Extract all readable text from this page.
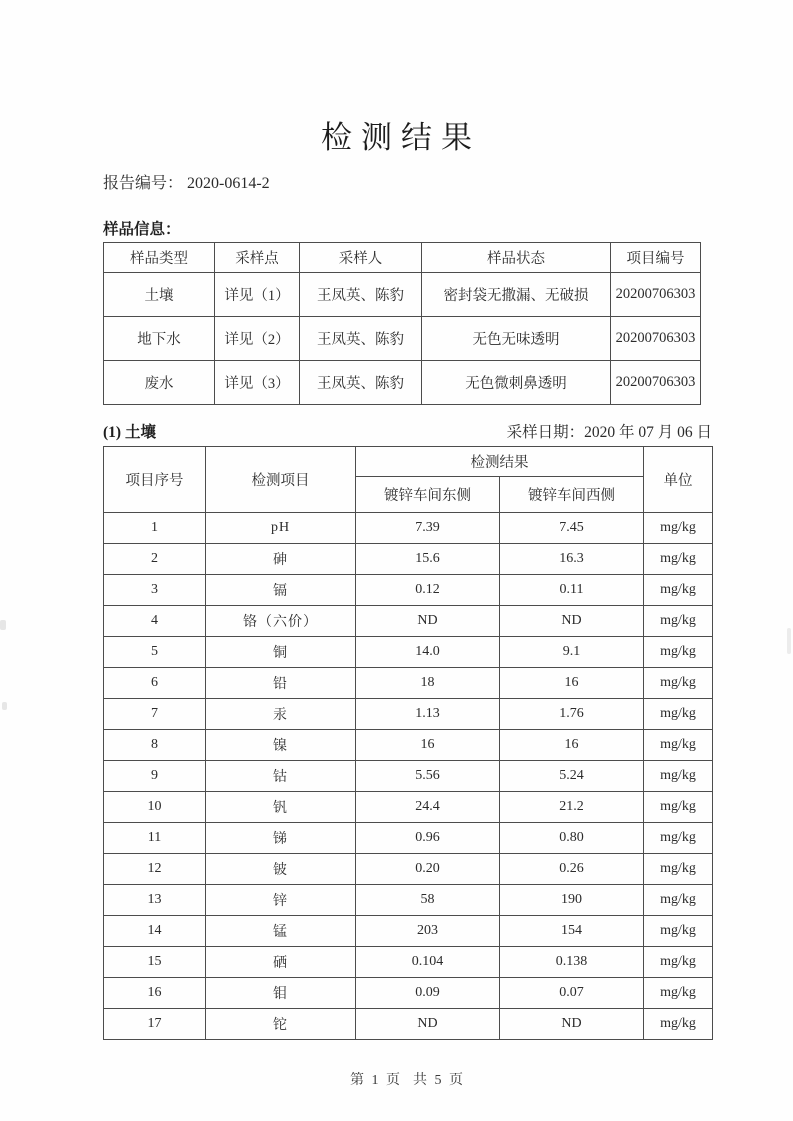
检测结果
报告编号： 2020-0614-2
样品信息：
样品类型	采样点	采样人	样品状态	项目编号
土壤	详见（1）	王凤英、陈豹	密封袋无撒漏、无破损	20200706303
地下水	详见（2）	王凤英、陈豹	无色无味透明	20200706303
废水	详见（3）	王凤英、陈豹	无色微刺鼻透明	20200706303
(1) 土壤	采样日期：2020 年 07 月 06 日
项目序号	检测项目	检测结果		单位
		镀锌车间东侧	镀锌车间西侧	
1	pH	7.39	7.45	mg/kg
2	砷	15.6	16.3	mg/kg
3	镉	0.12	0.11	mg/kg
4	铬（六价）	ND	ND	mg/kg
5	铜	14.0	9.1	mg/kg
6	铅	18	16	mg/kg
7	汞	1.13	1.76	mg/kg
8	镍	16	16	mg/kg
9	钴	5.56	5.24	mg/kg
10	钒	24.4	21.2	mg/kg
11	锑	0.96	0.80	mg/kg
12	铍	0.20	0.26	mg/kg
13	锌	58	190	mg/kg
14	锰	203	154	mg/kg
15	硒	0.104	0.138	mg/kg
16	钼	0.09	0.07	mg/kg
17	铊	ND	ND	mg/kg
第 1 页  共 5 页
